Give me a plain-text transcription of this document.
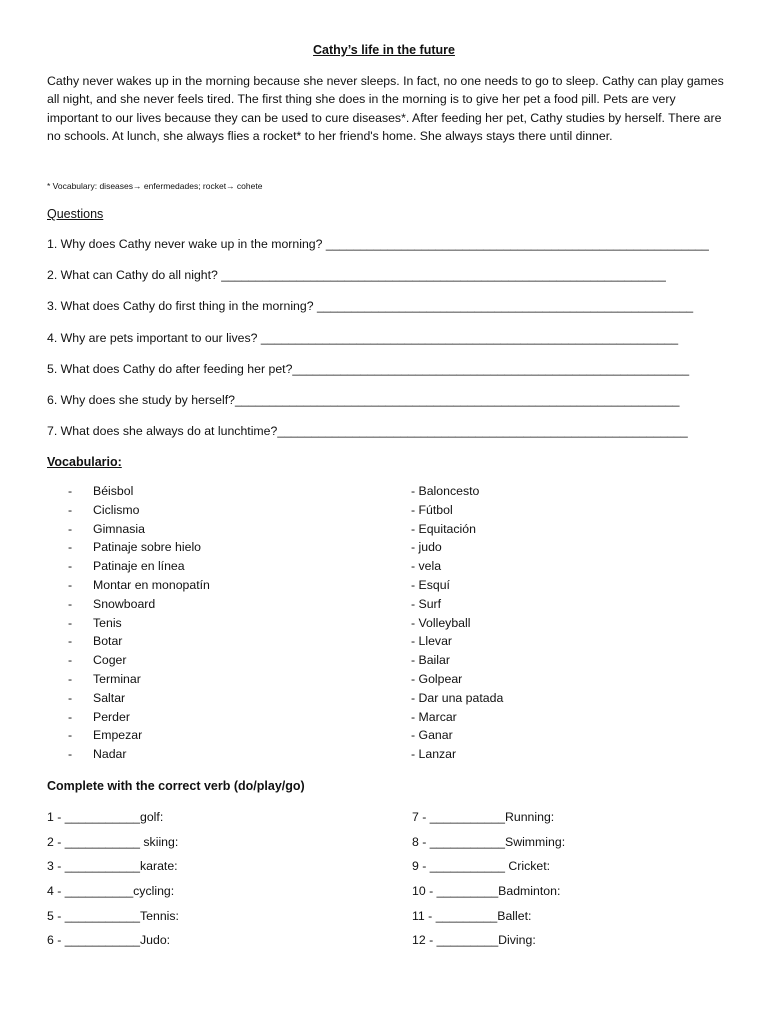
Cathy’s life in the future

Cathy never wakes up in the morning because she never sleeps. In fact, no one needs to go to sleep. Cathy can play games all night, and she never feels tired. The first thing she does in the morning is to give her pet a food pill. Pets are very important to our lives because they can be used to cure diseases*. After feeding her pet, Cathy studies by herself. There are no schools. At lunch, she always flies a rocket* to her friend's home. She always stays there until dinner.

* Vocabulary: diseases→ enfermedades; rocket→ cohete
Questions
1. Why does Cathy never wake up in the morning? ________________________________________________________
2. What can Cathy do all night? _________________________________________________________________
3. What does Cathy do first thing in the morning? _______________________________________________________
4. Why are pets important to our lives? _____________________________________________________________
5. What does Cathy do after feeding her pet?__________________________________________________________
6. Why does she study by herself?_________________________________________________________________
7. What does she always do at lunchtime?____________________________________________________________
Vocabulario:
- Béisbol
- Ciclismo
- Gimnasia
- Patinaje sobre hielo
- Patinaje en línea
- Montar en monopatín
- Snowboard
- Tenis
- Botar
- Coger
- Terminar
- Saltar
- Perder
- Empezar
- Nadar
- Baloncesto
- Fútbol
- Equitación
- judo
- vela
- Esquí
- Surf
- Volleyball
- Llevar
- Bailar
- Golpear
- Dar una patada
- Marcar
- Ganar
- Lanzar
Complete with the correct verb (do/play/go)
1 - ___________golf:
2 - ___________ skiing:
3 - ___________karate:
4 - __________cycling:
5 - ___________Tennis:
6 - ___________Judo:
7 - ___________Running:
8 - ___________Swimming:
9 - ___________ Cricket:
10 - _________Badminton:
11 - _________Ballet:
12 - _________Diving:
